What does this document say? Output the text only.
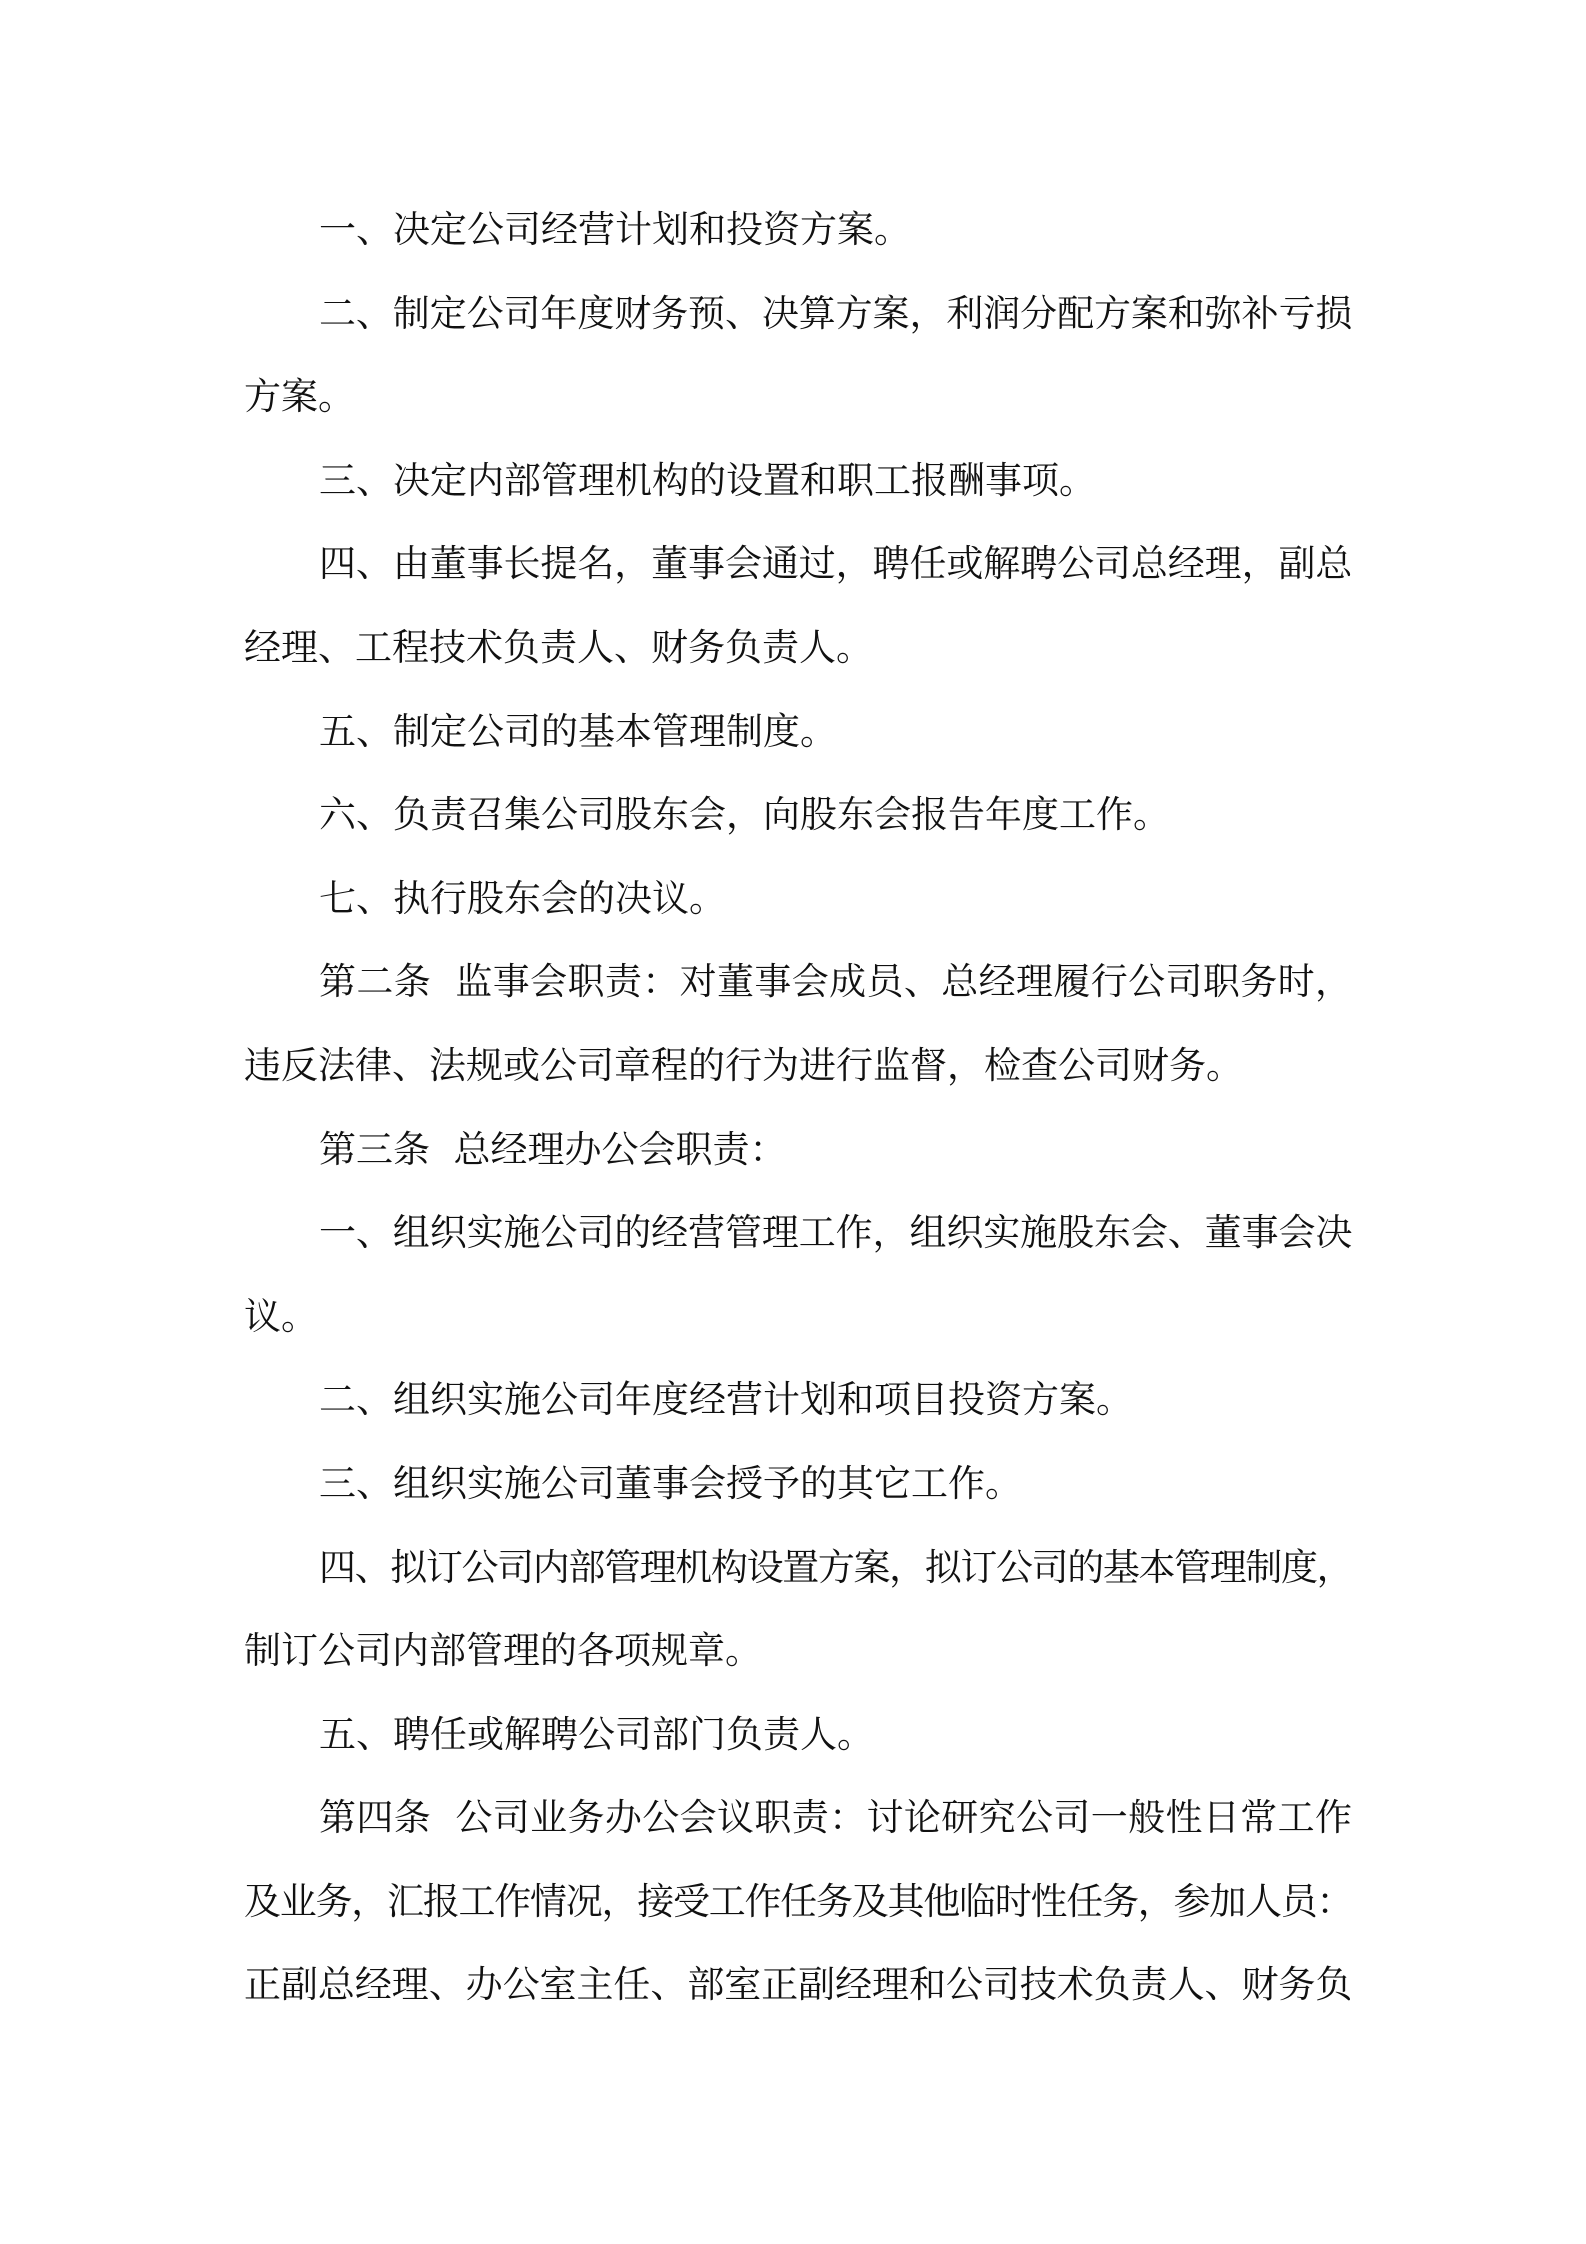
一、决定公司经营计划和投资方案。
二、制定公司年度财务预、决算方案，利润分配方案和弥补亏损
方案。
三、决定内部管理机构的设置和职工报酬事项。
四、由董事长提名，董事会通过，聘任或解聘公司总经理，副总
经理、工程技术负责人、财务负责人。
五、制定公司的基本管理制度。
六、负责召集公司股东会，向股东会报告年度工作。
七、执行股东会的决议。
第二条  监事会职责：对董事会成员、总经理履行公司职务时，
违反法律、法规或公司章程的行为进行监督，检查公司财务。
第三条  总经理办公会职责：
一、组织实施公司的经营管理工作，组织实施股东会、董事会决
议。
二、组织实施公司年度经营计划和项目投资方案。
三、组织实施公司董事会授予的其它工作。
四、拟订公司内部管理机构设置方案，拟订公司的基本管理制度，
制订公司内部管理的各项规章。
五、聘任或解聘公司部门负责人。
第四条  公司业务办公会议职责：讨论研究公司一般性日常工作
及业务，汇报工作情况，接受工作任务及其他临时性任务，参加人员：
正副总经理、办公室主任、部室正副经理和公司技术负责人、财务负
